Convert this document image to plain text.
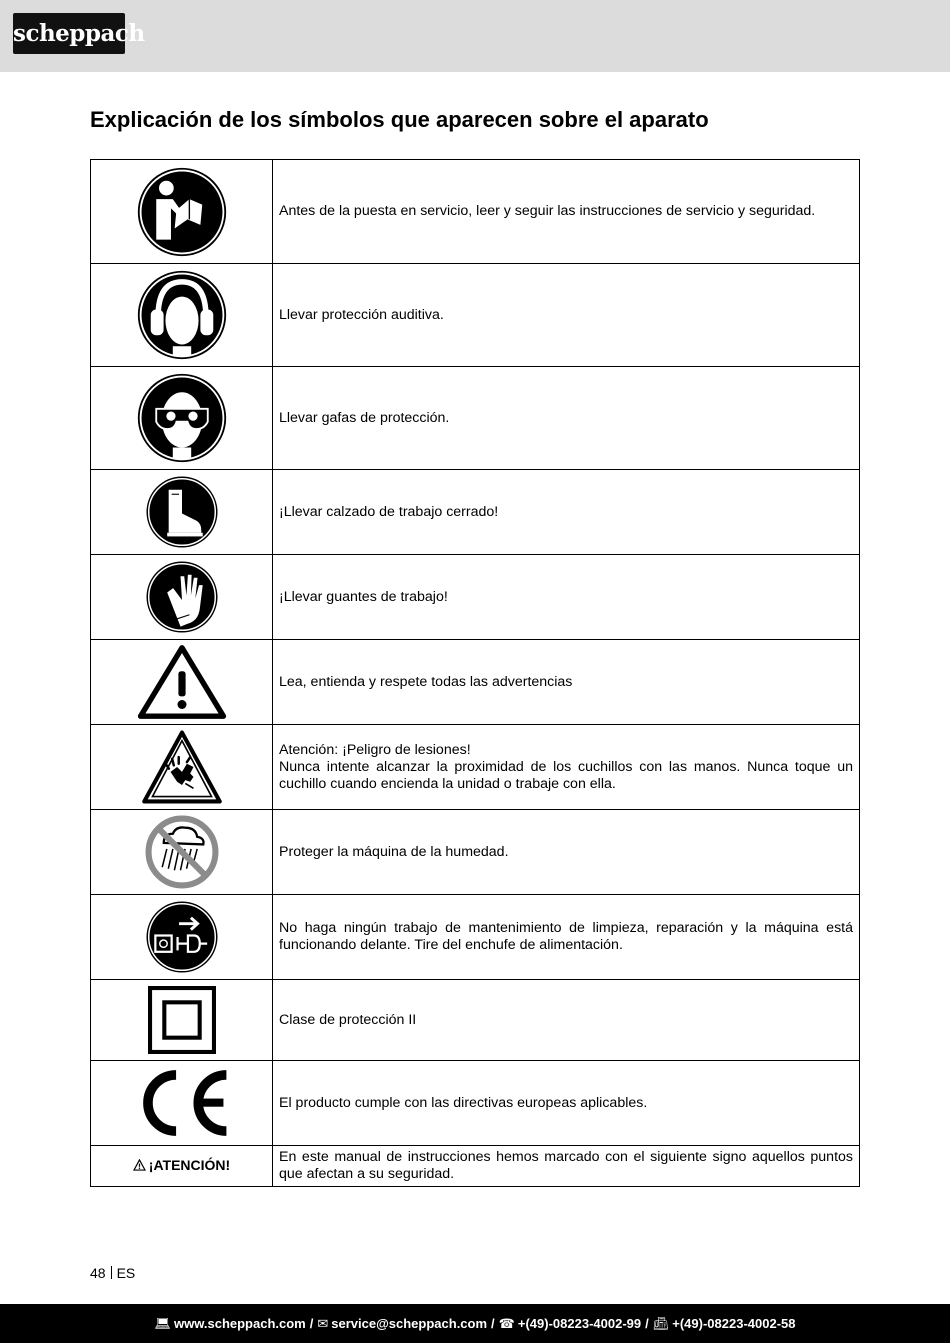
scheppach
Explicación de los símbolos que aparecen sobre el aparato
	Antes de la puesta en servicio, leer y seguir las instrucciones de servicio y seguridad.

	Llevar protección auditiva.

	Llevar gafas de protección.

	¡Llevar calzado de trabajo cerrado!

	¡Llevar guantes de trabajo!

	Lea, entienda y respete todas las advertencias

Atención: ¡Peligro de lesiones!
Nunca intente alcanzar la proximidad de los cuchillos con las manos. Nunca toque un cuchillo cuando encienda la unidad o trabaje con ella.

	Proteger la máquina de la humedad.

	No haga ningún trabajo de mantenimiento de limpieza, reparación y la máquina está funcionando delante. Tire del enchufe de alimentación.

	Clase de protección II

	El producto cumple con las directivas europeas aplicables.
¡ATENCIÓN!	En este manual de instrucciones hemos marcado con el siguiente signo aquellos puntos que afectan a su seguridad.
48 ES
💻︎ www.scheppach.com / ✉︎ service@scheppach.com / ☎︎ +(49)-08223-4002-99 / 📠︎ +(49)-08223-4002-58
